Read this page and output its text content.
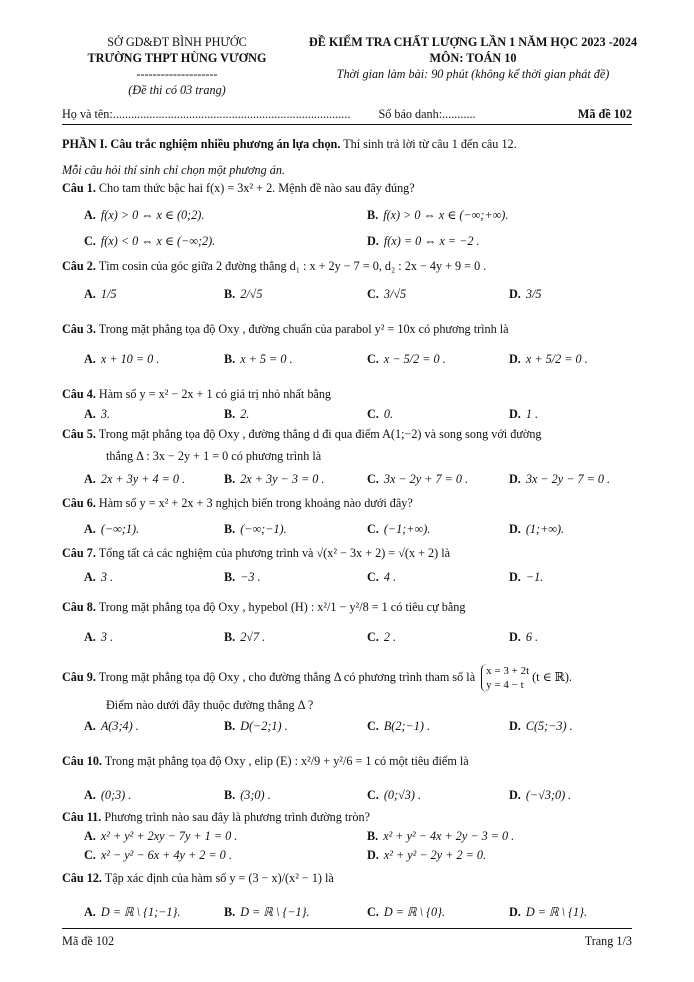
SỞ GD&ĐT BÌNH PHƯỚC
TRƯỜNG THPT HÙNG VƯƠNG
--------------------
(Đề thi có 03 trang)
ĐỀ KIỂM TRA CHẤT LƯỢNG LẦN 1 NĂM HỌC 2023 -2024
MÔN: TOÁN 10
Thời gian làm bài: 90 phút (không kể thời gian phát đề)
Họ và tên: .............................................................................. Số báo danh: ...........	Mã đề 102
PHẦN I. Câu trắc nghiệm nhiều phương án lựa chọn. Thí sinh trả lời từ câu 1 đến câu 12.
Mỗi câu hỏi thí sinh chỉ chọn một phương án.
Câu 1. Cho tam thức bậc hai f(x) = 3x² + 2. Mệnh đề nào sau đây đúng?
A. f(x) > 0 ⇔ x ∈ (0;2).	B. f(x) > 0 ⇔ x ∈ (−∞;+∞).
C. f(x) < 0 ⇔ x ∈ (−∞;2).	D. f(x) = 0 ⇔ x = −2 .
Câu 2. Tìm cosin của góc giữa 2 đường thẳng d₁ : x + 2y − 7 = 0, d₂ : 2x − 4y + 9 = 0 .
A. 1/5	B. 2/√5	C. 3/√5	D. 3/5
Câu 3. Trong mặt phẳng tọa độ Oxy , đường chuẩn của parabol y² = 10x có phương trình là
A. x + 10 = 0 .	B. x + 5 = 0 .	C. x − 5/2 = 0 .	D. x + 5/2 = 0 .
Câu 4. Hàm số y = x² − 2x + 1 có giá trị nhỏ nhất bằng
A. 3.	B. 2.	C. 0.	D. 1 .
Câu 5. Trong mặt phẳng tọa độ Oxy , đường thẳng d đi qua điểm A(1;−2) và song song với đường
thẳng Δ : 3x − 2y + 1 = 0 có phương trình là
A. 2x + 3y + 4 = 0 .	B. 2x + 3y − 3 = 0 .	C. 3x − 2y + 7 = 0 .	D. 3x − 2y − 7 = 0 .
Câu 6. Hàm số y = x² + 2x + 3 nghịch biến trong khoảng nào dưới đây?
A. (−∞;1).	B. (−∞;−1).	C. (−1;+∞).	D. (1;+∞).
Câu 7. Tổng tất cả các nghiệm của phương trình và √(x² − 3x + 2) = √(x + 2) là
A. 3 .	B. −3 .	C. 4 .	D. −1.
Câu 8. Trong mặt phẳng tọa độ Oxy , hypebol (H) : x²/1 − y²/8 = 1 có tiêu cự bằng
A. 3 .	B. 2√7 .	C. 2 .	D. 6 .
Câu 9. Trong mặt phẳng tọa độ Oxy , cho đường thẳng Δ có phương trình tham số là x = 3 + 2t
y = 4 − t
(t ∈ ℝ).
Điểm nào dưới đây thuộc đường thẳng Δ ?
A. A(3;4) .	B. D(−2;1) .	C. B(2;−1) .	D. C(5;−3) .
Câu 10. Trong mặt phẳng tọa độ Oxy , elip (E) : x²/9 + y²/6 = 1 có một tiêu điểm là
A. (0;3) .	B. (3;0) .	C. (0;√3) .	D. (−√3;0) .
Câu 11. Phương trình nào sau đây là phương trình đường tròn?
A. x² + y² + 2xy − 7y + 1 = 0 .	B. x² + y² − 4x + 2y − 3 = 0 .
C. x² − y² − 6x + 4y + 2 = 0 .	D. x² + y² − 2y + 2 = 0.
Câu 12. Tập xác định của hàm số y = (3 − x)/(x² − 1) là
A. D = ℝ \ {1;−1}.	B. D = ℝ \ {−1}.	C. D = ℝ \ {0}.	D. D = ℝ \ {1}.
Mã đề 102	Trang 1/3
